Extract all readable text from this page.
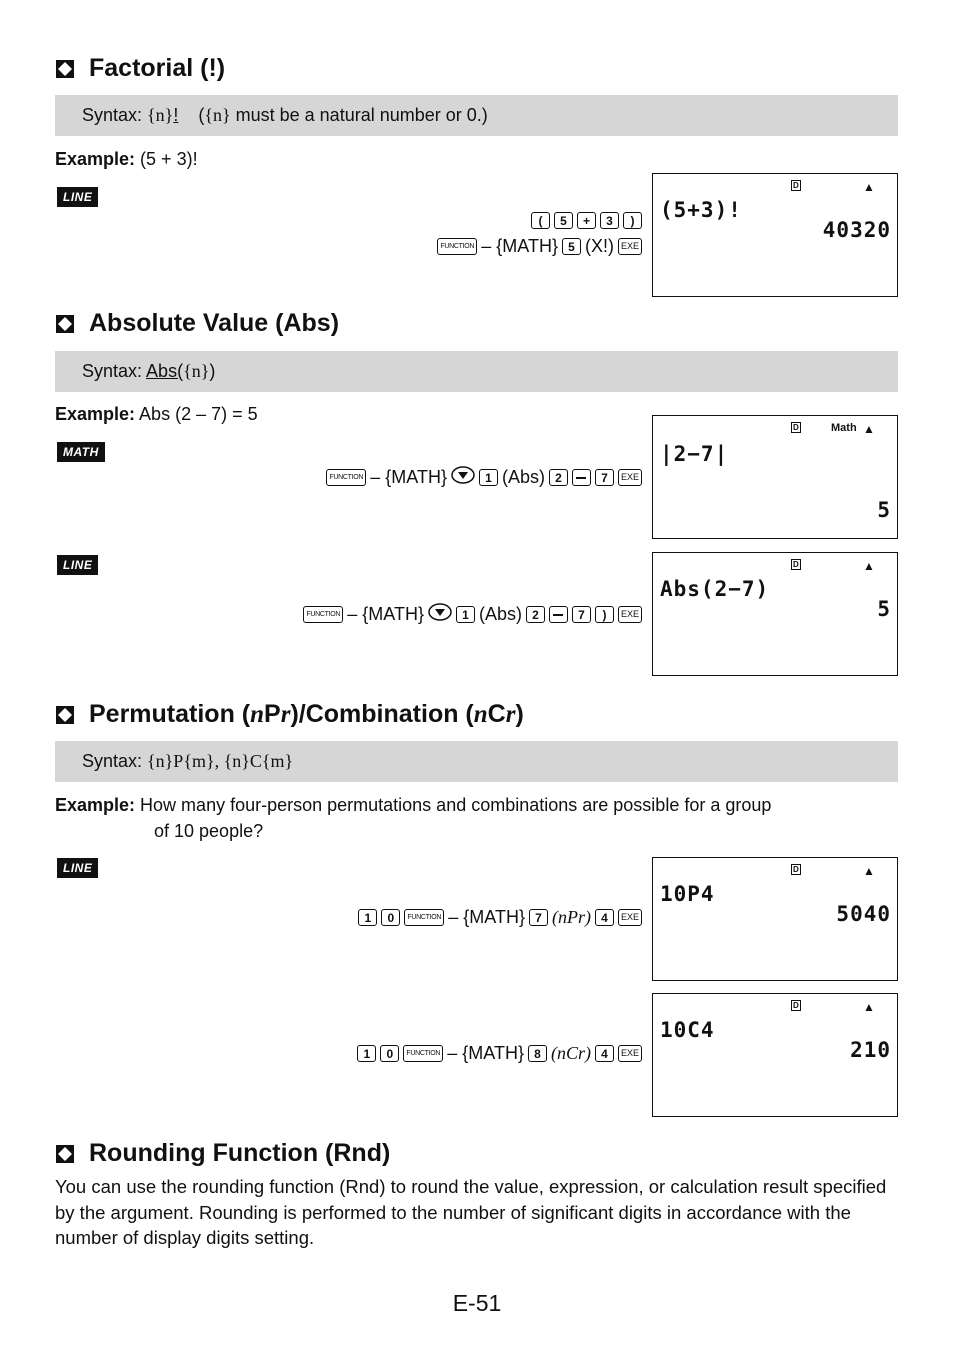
Factorial (!)
Syntax: {n}! ({n} must be a natural number or 0.)
Example: (5 + 3)!
LINE
(	5	+	3	)
FUNCTION – {MATH} 5 (X!) EXE
D	▲
(5+3)!
40320
Absolute Value (Abs)
Syntax: Abs({n})
Example: Abs (2 – 7) = 5
MATH
FUNCTION – {MATH}	1 (Abs) 2	7	EXE
D	Math ▲
|2−7|
5
LINE
FUNCTION – {MATH}	1 (Abs) 2	7	)	EXE
D	▲
Abs(2−7)
5
Permutation ( n P r )/Combination ( n C r )
Syntax: {n}P{m}, {n}C{m}
Example: How many four-person permutations and combinations are possible for a group
of 10 people?
LINE
1	0	FUNCTION – {MATH} 7 (nPr) 4	EXE
D	▲
10P4
5040
1	0	FUNCTION – {MATH} 8 (nCr) 4	EXE
D	▲
10C4
210
Rounding Function (Rnd)
You can use the rounding function (Rnd) to round the value, expression, or calculation result specified by the argument. Rounding is performed to the number of significant digits in accordance with the number of display digits setting.
E-51
